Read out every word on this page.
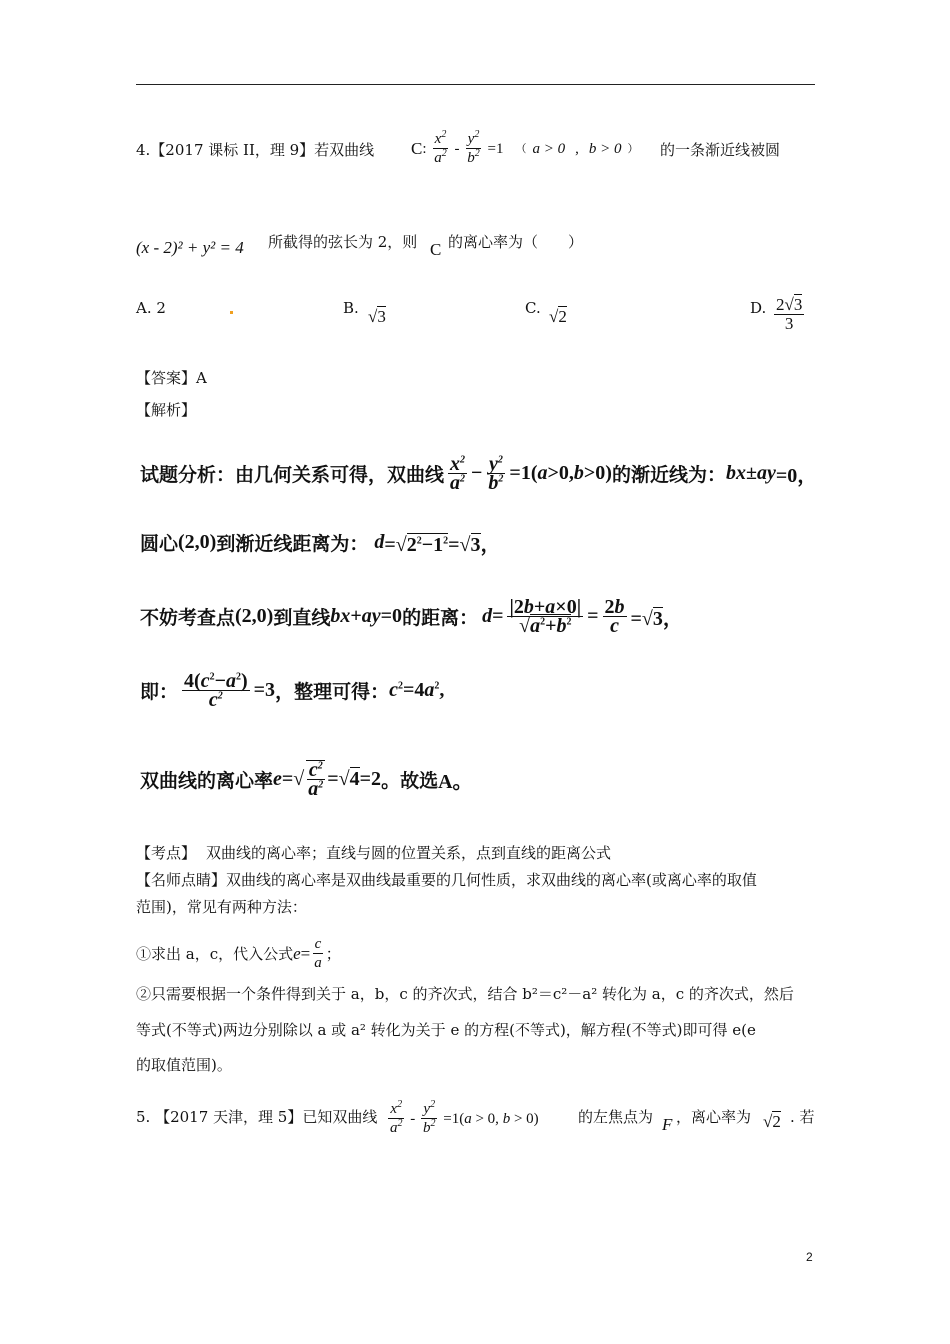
4.【2017 课标 II，理 9】若双曲线 C : $\frac{x^2}{a^2} - \frac{y^2}{b^2} =1$ （ a > 0 , b > 0 ） 的一条渐近线被圆
(x - 2)² + y² = 4 所截得的弦长为 2，则 C 的离心率为（　　）
A. 2	B. √3	C. √2	D. $\frac{2√3}{3}$
【答案】A
【解析】
试题分析：由几何关系可得，双曲线 $\frac{x^2}{a^2} - \frac{y^2}{b^2} =1$( a >0, b >0) 的渐近线为： bx ± ay =0，
圆心 (2,0) 到渐近线距离为： $d =√2^2-1^2=√3$，
不妨考查点 (2,0) 到直线 bx + ay =0 的距离： $d = \frac{|2b+a\times 0|}{√a^2+b^2} = \frac{2b}{c} =√3$，
即： $\frac{4(c^2-a^2)}{c^2} =3$ ，整理可得： c $^2$=4 a $^2$,
双曲线的离心率 e =√ $\frac{c^2}{a^2} =√4=2$ 。故选 A。
【考点】 双曲线的离心率；直线与圆的位置关系，点到直线的距离公式
【名师点睛】双曲线的离心率是双曲线最重要的几何性质，求双曲线的离心率(或离心率的取值
范围)，常见有两种方法：
①求出 a，c，代入公式 $e = \frac{c}{a}$ ；
②只需要根据一个条件得到关于 a，b，c 的齐次式，结合 b²＝c²－a² 转化为 a，c 的齐次式，然后
等式(不等式)两边分别除以 a 或 a² 转化为关于 e 的方程(不等式)，解方程(不等式)即可得 e(e
的取值范围)。
5. 【2017 天津，理 5】已知双曲线 $\frac{x^2}{a^2} - \frac{y^2}{b^2} =1(a > 0$, b > 0)	的左焦点为 F ，离心率为 √2 . 若
2
